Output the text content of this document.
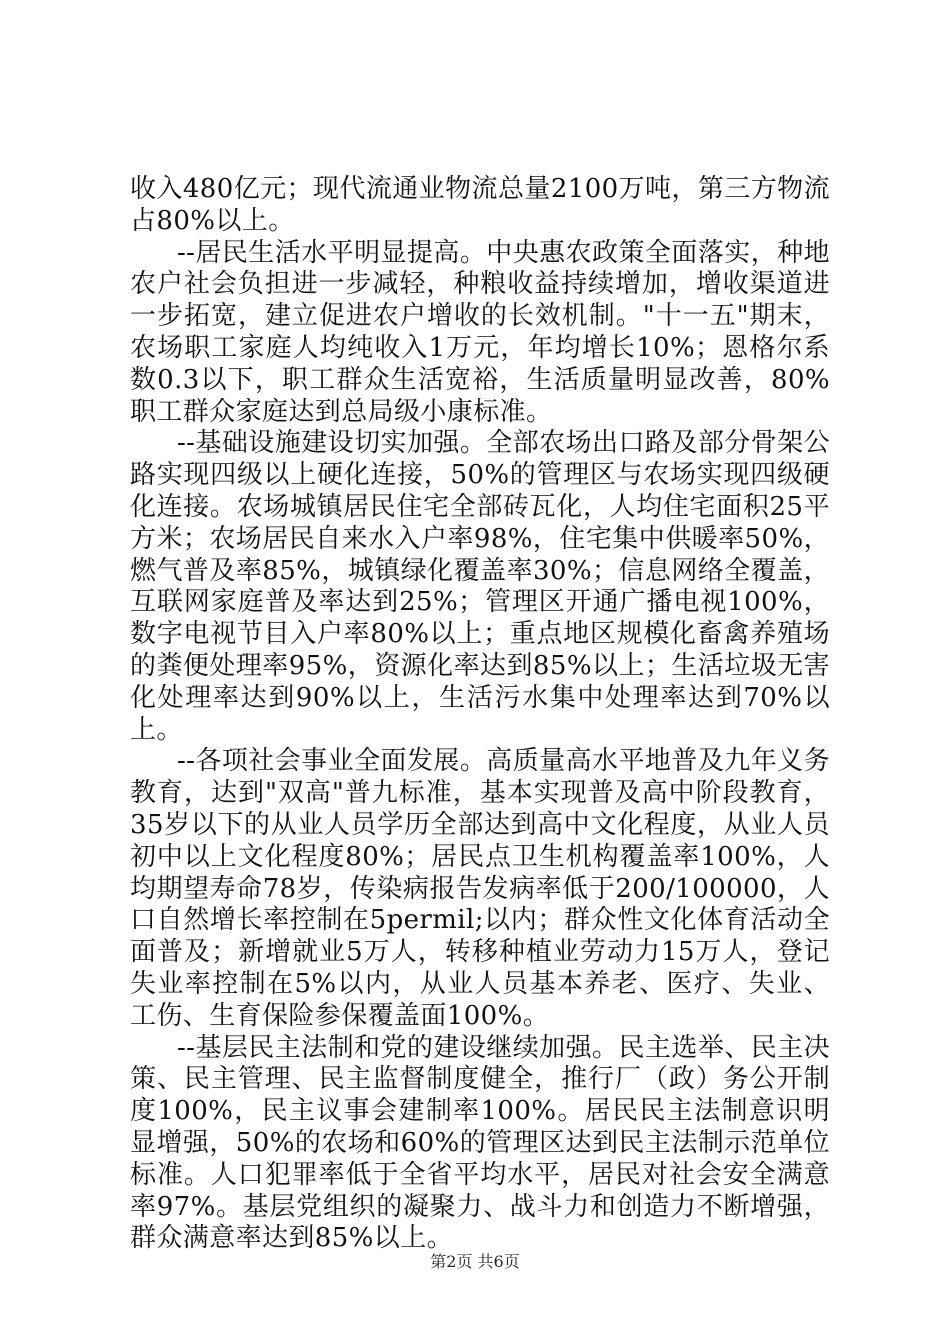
收入480亿元；现代流通业物流总量2100万吨，第三方物流占80%以上。

--居民生活水平明显提高。中央惠农政策全面落实，种地农户社会负担进一步减轻，种粮收益持续增加，增收渠道进一步拓宽，建立促进农户增收的长效机制。"十一五"期末，农场职工家庭人均纯收入1万元，年均增长10%；恩格尔系数0.3以下，职工群众生活宽裕，生活质量明显改善，80%职工群众家庭达到总局级小康标准。

--基础设施建设切实加强。全部农场出口路及部分骨架公路实现四级以上硬化连接，50%的管理区与农场实现四级硬化连接。农场城镇居民住宅全部砖瓦化，人均住宅面积25平方米；农场居民自来水入户率98%，住宅集中供暖率50%，燃气普及率85%，城镇绿化覆盖率30%；信息网络全覆盖，互联网家庭普及率达到25%；管理区开通广播电视100%，数字电视节目入户率80%以上；重点地区规模化畜禽养殖场的粪便处理率95%，资源化率达到85%以上；生活垃圾无害化处理率达到90%以上，生活污水集中处理率达到70%以上。

--各项社会事业全面发展。高质量高水平地普及九年义务教育，达到"双高"普九标准，基本实现普及高中阶段教育，35岁以下的从业人员学历全部达到高中文化程度，从业人员初中以上文化程度80%；居民点卫生机构覆盖率100%，人均期望寿命78岁，传染病报告发病率低于200/100000，人口自然增长率控制在5permil;以内；群众性文化体育活动全面普及；新增就业5万人，转移种植业劳动力15万人，登记失业率控制在5%以内，从业人员基本养老、医疗、失业、工伤、生育保险参保覆盖面100%。

--基层民主法制和党的建设继续加强。民主选举、民主决策、民主管理、民主监督制度健全，推行厂（政）务公开制度100%，民主议事会建制率100%。居民民主法制意识明显增强，50%的农场和60%的管理区达到民主法制示范单位标准。人口犯罪率低于全省平均水平，居民对社会安全满意率97%。基层党组织的凝聚力、战斗力和创造力不断增强，群众满意率达到85%以上。

第2页 共6页
